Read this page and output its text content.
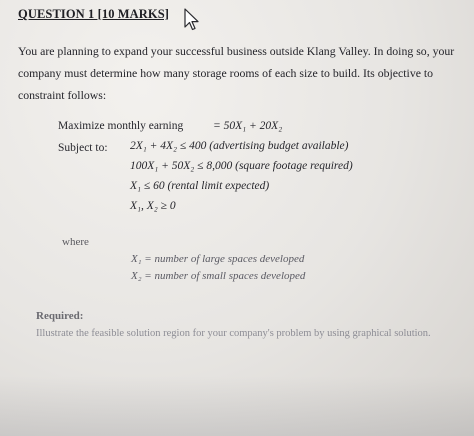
QUESTION 1 [10 MARKS]
You are planning to expand your successful business outside Klang Valley. In doing so, your company must determine how many storage rooms of each size to build. Its objective to constraint follows:
Maximize monthly earning	= 50X₁ + 20X₂
Subject to: 2X₁ + 4X₂ ≤ 400 (advertising budget available)
100X₁ + 50X₂ ≤ 8,000 (square footage required)
X₁ ≤ 60 (rental limit expected)
X₁, X₂ ≥ 0
where
X₁ = number of large spaces developed
X₂ = number of small spaces developed
Required:
Illustrate the feasible solution region for your company's problem by using graphical solution.
